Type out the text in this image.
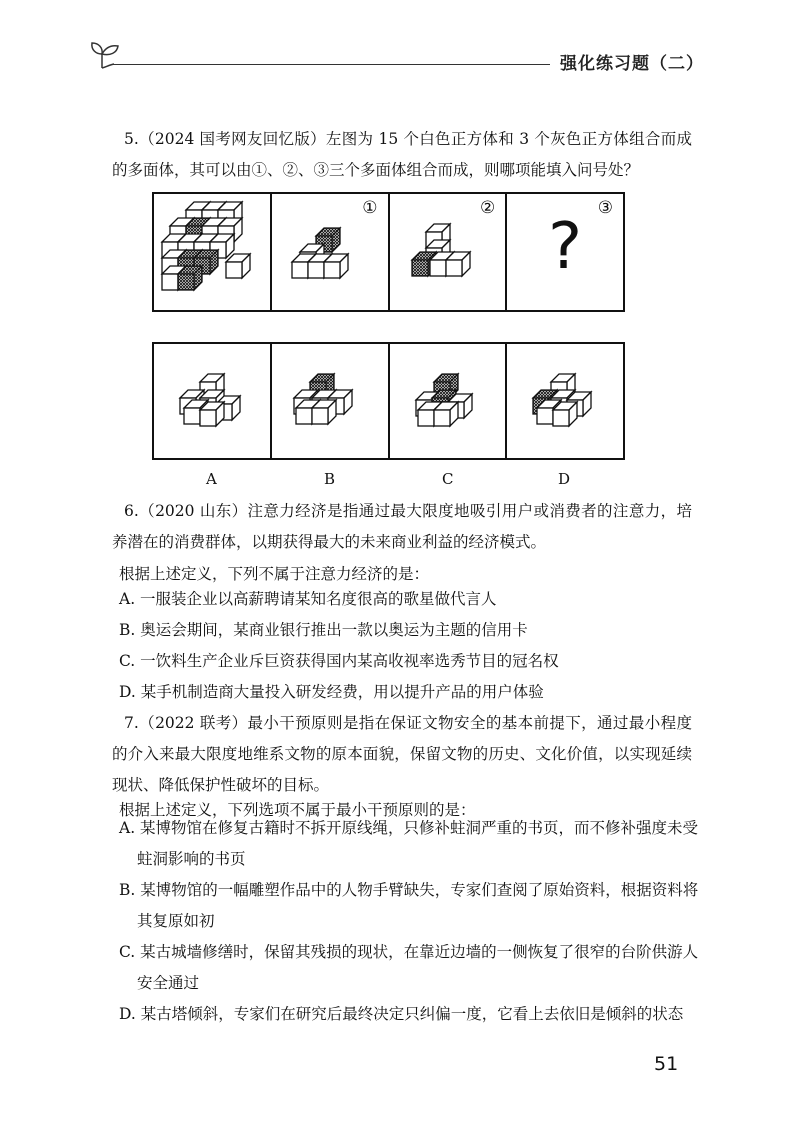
强化练习题（二）
5.（2024 国考网友回忆版）左图为 15 个白色正方体和 3 个灰色正方体组合而成的多面体，其可以由①、②、③三个多面体组合而成，则哪项能填入问号处？
①	②	③
?
A	B	C	D
6.（2020 山东）注意力经济是指通过最大限度地吸引用户或消费者的注意力，培养潜在的消费群体，以期获得最大的未来商业利益的经济模式。
根据上述定义，下列不属于注意力经济的是：
A. 一服装企业以高薪聘请某知名度很高的歌星做代言人
B. 奥运会期间，某商业银行推出一款以奥运为主题的信用卡
C. 一饮料生产企业斥巨资获得国内某高收视率选秀节目的冠名权
D. 某手机制造商大量投入研发经费，用以提升产品的用户体验
7.（2022 联考）最小干预原则是指在保证文物安全的基本前提下，通过最小程度的介入来最大限度地维系文物的原本面貌，保留文物的历史、文化价值，以实现延续现状、降低保护性破坏的目标。
根据上述定义，下列选项不属于最小干预原则的是：
A. 某博物馆在修复古籍时不拆开原线绳，只修补蛀洞严重的书页，而不修补强度未受蛀洞影响的书页
B. 某博物馆的一幅雕塑作品中的人物手臂缺失，专家们查阅了原始资料，根据资料将其复原如初
C. 某古城墙修缮时，保留其残损的现状，在靠近边墙的一侧恢复了很窄的台阶供游人安全通过
D. 某古塔倾斜，专家们在研究后最终决定只纠偏一度，它看上去依旧是倾斜的状态
51
